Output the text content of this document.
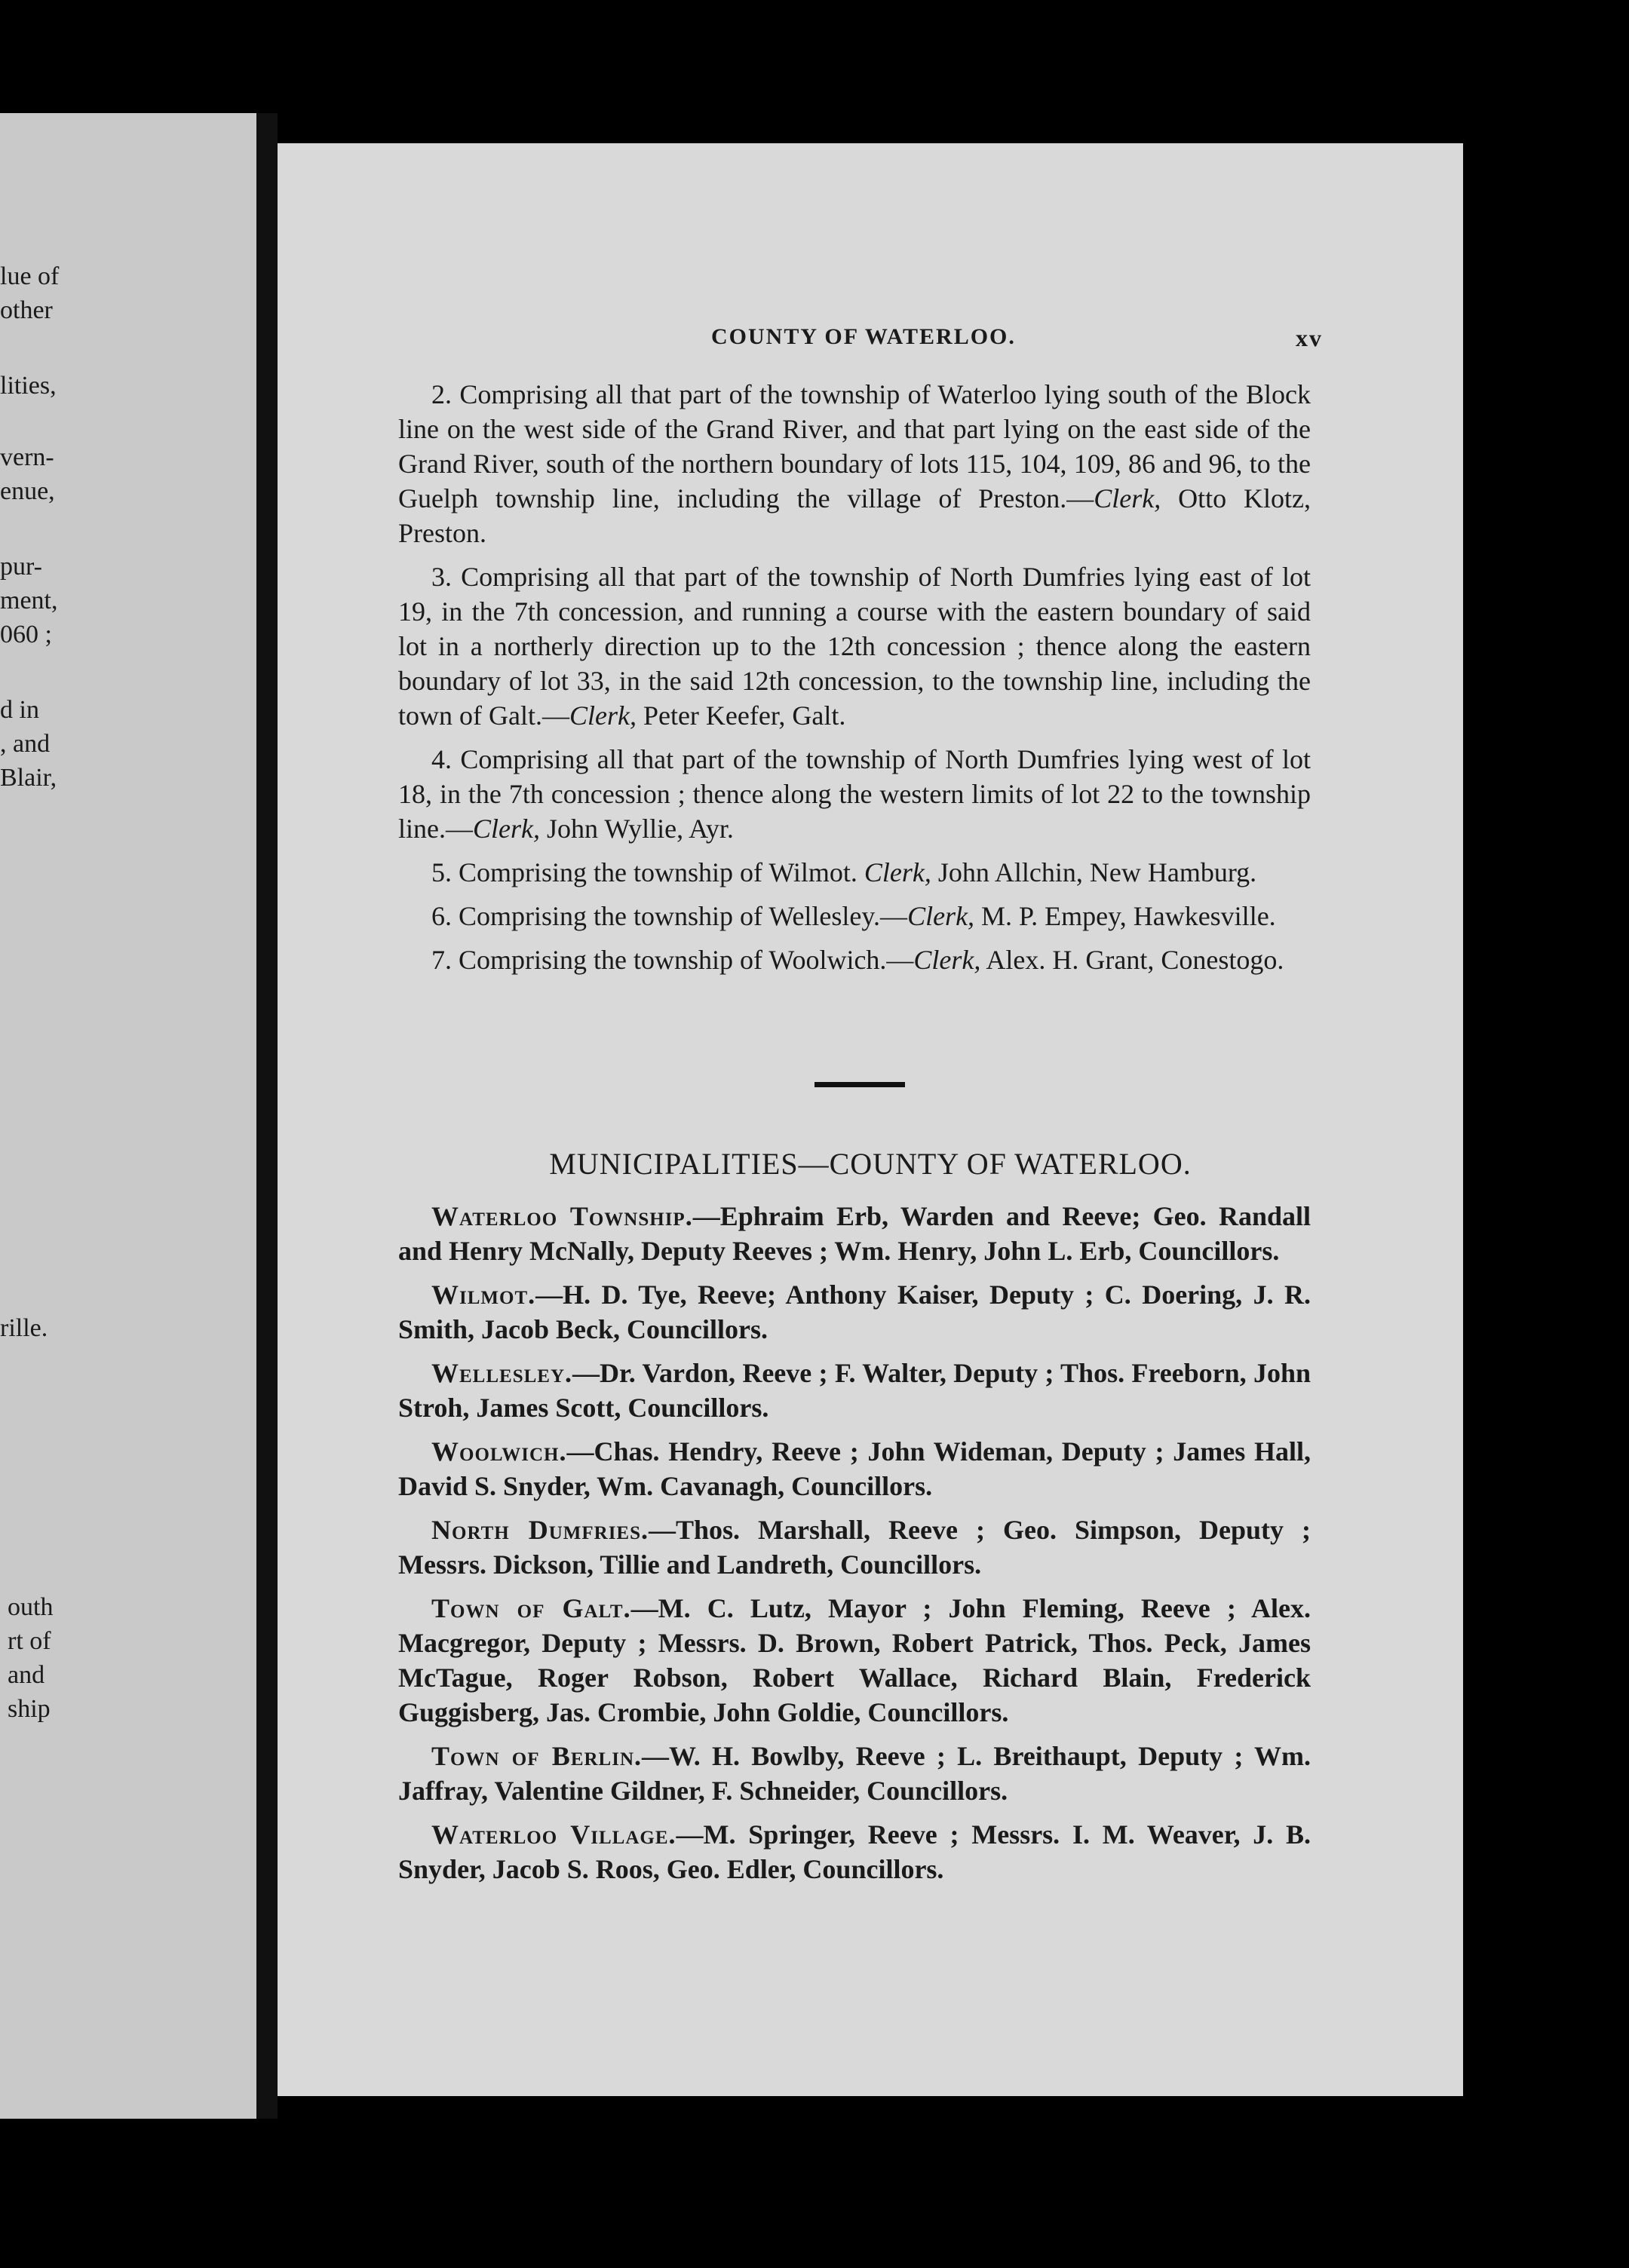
lue of
other
lities,
vern-
enue,
pur-
ment,
060 ;
d in
, and
Blair,
rille.
outh
rt of
and
ship
COUNTY OF WATERLOO.	xv

2. Comprising all that part of the township of Waterloo lying south of the Block line on the west side of the Grand River, and that part lying on the east side of the Grand River, south of the northern boundary of lots 115, 104, 109, 86 and 96, to the Guelph township line, including the village of Preston.—Clerk, Otto Klotz, Preston.

3. Comprising all that part of the township of North Dumfries lying east of lot 19, in the 7th concession, and running a course with the eastern boundary of said lot in a northerly direction up to the 12th concession ; thence along the eastern boundary of lot 33, in the said 12th concession, to the township line, including the town of Galt.—Clerk, Peter Keefer, Galt.

4. Comprising all that part of the township of North Dumfries lying west of lot 18, in the 7th concession ; thence along the western limits of lot 22 to the township line.—Clerk, John Wyllie, Ayr.

5. Comprising the township of Wilmot. Clerk, John Allchin, New Hamburg.

6. Comprising the township of Wellesley.—Clerk, M. P. Empey, Hawkesville.

7. Comprising the township of Woolwich.—Clerk, Alex. H. Grant, Conestogo.

MUNICIPALITIES—COUNTY OF WATERLOO.

Waterloo Township.—Ephraim Erb, Warden and Reeve; Geo. Randall and Henry McNally, Deputy Reeves ; Wm. Henry, John L. Erb, Councillors.

Wilmot.—H. D. Tye, Reeve; Anthony Kaiser, Deputy ; C. Doering, J. R. Smith, Jacob Beck, Councillors.

Wellesley.—Dr. Vardon, Reeve ; F. Walter, Deputy ; Thos. Freeborn, John Stroh, James Scott, Councillors.

Woolwich.—Chas. Hendry, Reeve ; John Wideman, Deputy ; James Hall, David S. Snyder, Wm. Cavanagh, Councillors.

North Dumfries.—Thos. Marshall, Reeve ; Geo. Simpson, Deputy ; Messrs. Dickson, Tillie and Landreth, Councillors.

Town of Galt.—M. C. Lutz, Mayor ; John Fleming, Reeve ; Alex. Macgregor, Deputy ; Messrs. D. Brown, Robert Patrick, Thos. Peck, James McTague, Roger Robson, Robert Wallace, Richard Blain, Frederick Guggisberg, Jas. Crombie, John Goldie, Councillors.

Town of Berlin.—W. H. Bowlby, Reeve ; L. Breithaupt, Deputy ; Wm. Jaffray, Valentine Gildner, F. Schneider, Councillors.

Waterloo Village.—M. Springer, Reeve ; Messrs. I. M. Weaver, J. B. Snyder, Jacob S. Roos, Geo. Edler, Councillors.
